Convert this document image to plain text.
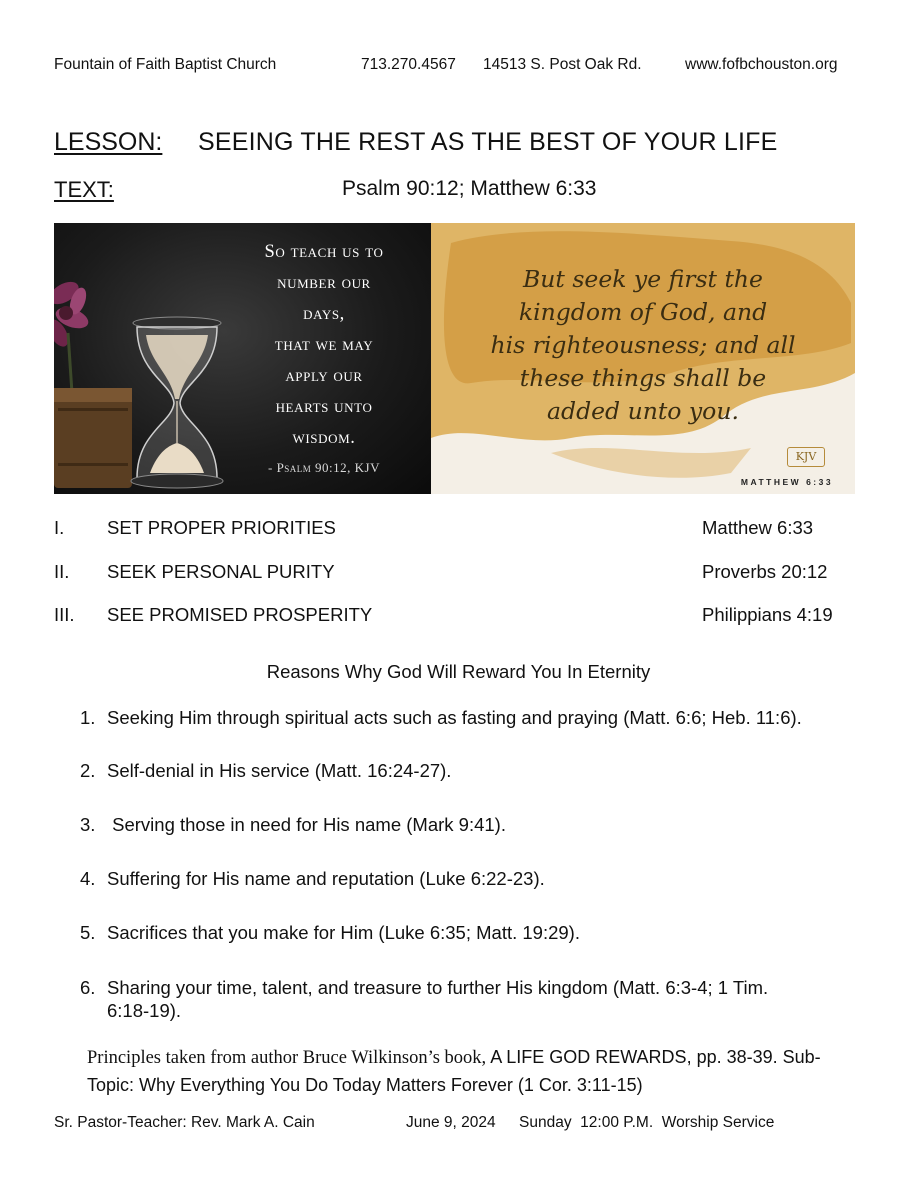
Fountain of Faith Baptist Church	713.270.4567 14513 S. Post Oak Rd.	www.fofbchouston.org
LESSON: SEEING THE REST AS THE BEST OF YOUR LIFE
TEXT:	Psalm 90:12; Matthew 6:33
So teach us to
number our
days,
that we may
apply our
hearts unto
wisdom.
- Psalm 90:12, KJV
But seek ye first the
kingdom of God, and
his righteousness; and all
these things shall be
added unto you.
KJV
MATTHEW 6:33
I. SET PROPER PRIORITIES	Matthew 6:33
II. SEEK PERSONAL PURITY	Proverbs 20:12
III. SEE PROMISED PROSPERITY	Philippians 4:19
Reasons Why God Will Reward You In Eternity
1. Seeking Him through spiritual acts such as fasting and praying (Matt. 6:6; Heb. 11:6).
2. Self-denial in His service (Matt. 16:24-27).
3. Serving those in need for His name (Mark 9:41).
4. Suffering for His name and reputation (Luke 6:22-23).
5. Sacrifices that you make for Him (Luke 6:35; Matt. 19:29).
6. Sharing your time, talent, and treasure to further His kingdom (Matt. 6:3-4; 1 Tim. 6:18-19).
Principles taken from author Bruce Wilkinson’s book, A LIFE GOD REWARDS, pp. 38-39. Sub-Topic: Why Everything You Do Today Matters Forever (1 Cor. 3:11-15)
Sr. Pastor-Teacher: Rev. Mark A. Cain	June 9, 2024 Sunday  12:00 P.M.  Worship Service
